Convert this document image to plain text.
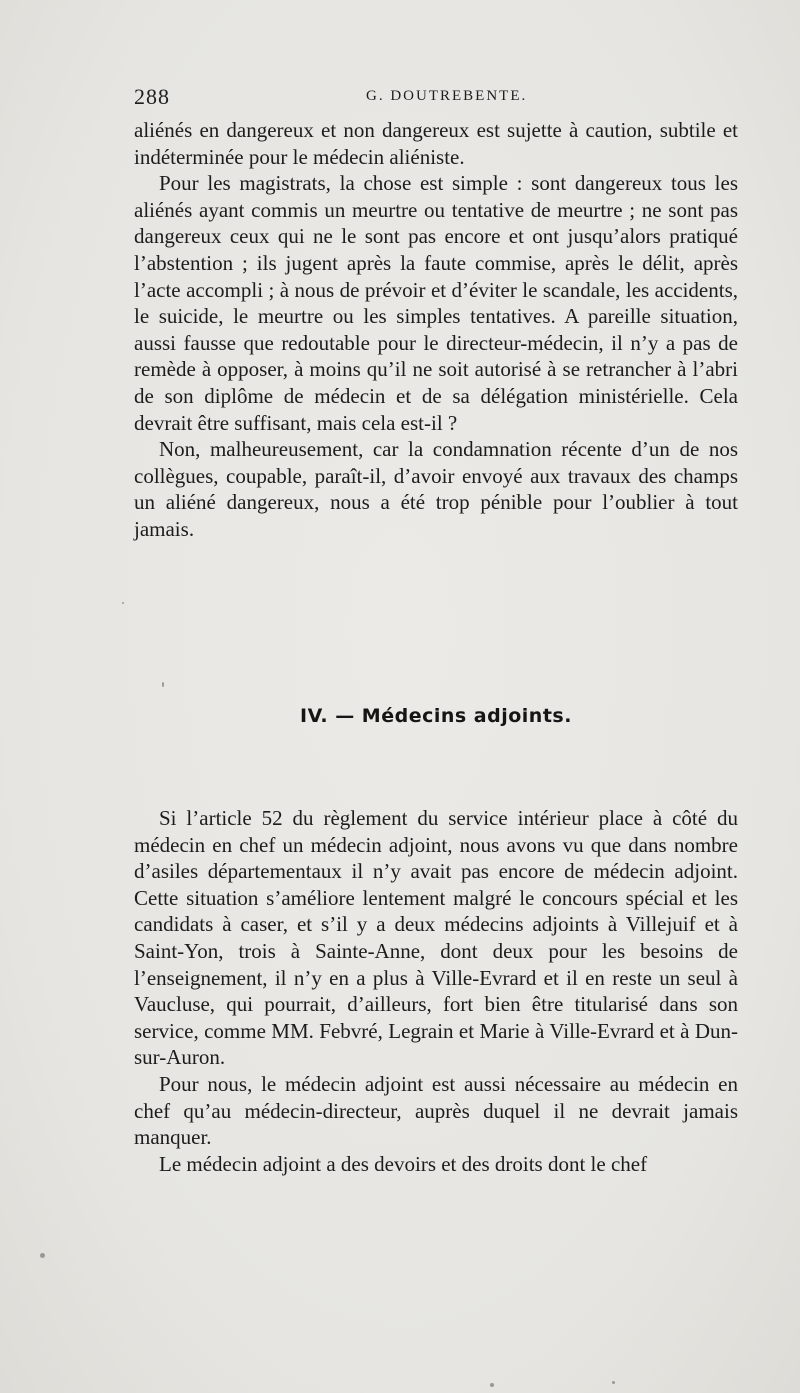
288	G. DOUTREBENTE.

aliénés en dangereux et non dangereux est sujette à caution, subtile et indéterminée pour le médecin aliéniste.

Pour les magistrats, la chose est simple : sont dangereux tous les aliénés ayant commis un meurtre ou tentative de meurtre ; ne sont pas dangereux ceux qui ne le sont pas encore et ont jusqu’alors pratiqué l’abstention ; ils jugent après la faute commise, après le délit, après l’acte accompli ; à nous de prévoir et d’éviter le scandale, les accidents, le suicide, le meurtre ou les simples tentatives. A pareille situation, aussi fausse que redoutable pour le directeur-médecin, il n’y a pas de remède à opposer, à moins qu’il ne soit autorisé à se retrancher à l’abri de son diplôme de médecin et de sa délégation ministérielle. Cela devrait être suffisant, mais cela est-il ?

Non, malheureusement, car la condamnation récente d’un de nos collègues, coupable, paraît-il, d’avoir envoyé aux travaux des champs un aliéné dangereux, nous a été trop pénible pour l’oublier à tout jamais.

IV. — Médecins adjoints.

Si l’article 52 du règlement du service intérieur place à côté du médecin en chef un médecin adjoint, nous avons vu que dans nombre d’asiles départementaux il n’y avait pas encore de médecin adjoint. Cette situation s’améliore lentement malgré le concours spécial et les candidats à caser, et s’il y a deux médecins adjoints à Villejuif et à Saint-Yon, trois à Sainte-Anne, dont deux pour les besoins de l’enseignement, il n’y en a plus à Ville-Evrard et il en reste un seul à Vaucluse, qui pourrait, d’ailleurs, fort bien être titularisé dans son service, comme MM. Febvré, Legrain et Marie à Ville-Evrard et à Dun-sur-Auron.

Pour nous, le médecin adjoint est aussi nécessaire au médecin en chef qu’au médecin-directeur, auprès duquel il ne devrait jamais manquer.

Le médecin adjoint a des devoirs et des droits dont le chef
